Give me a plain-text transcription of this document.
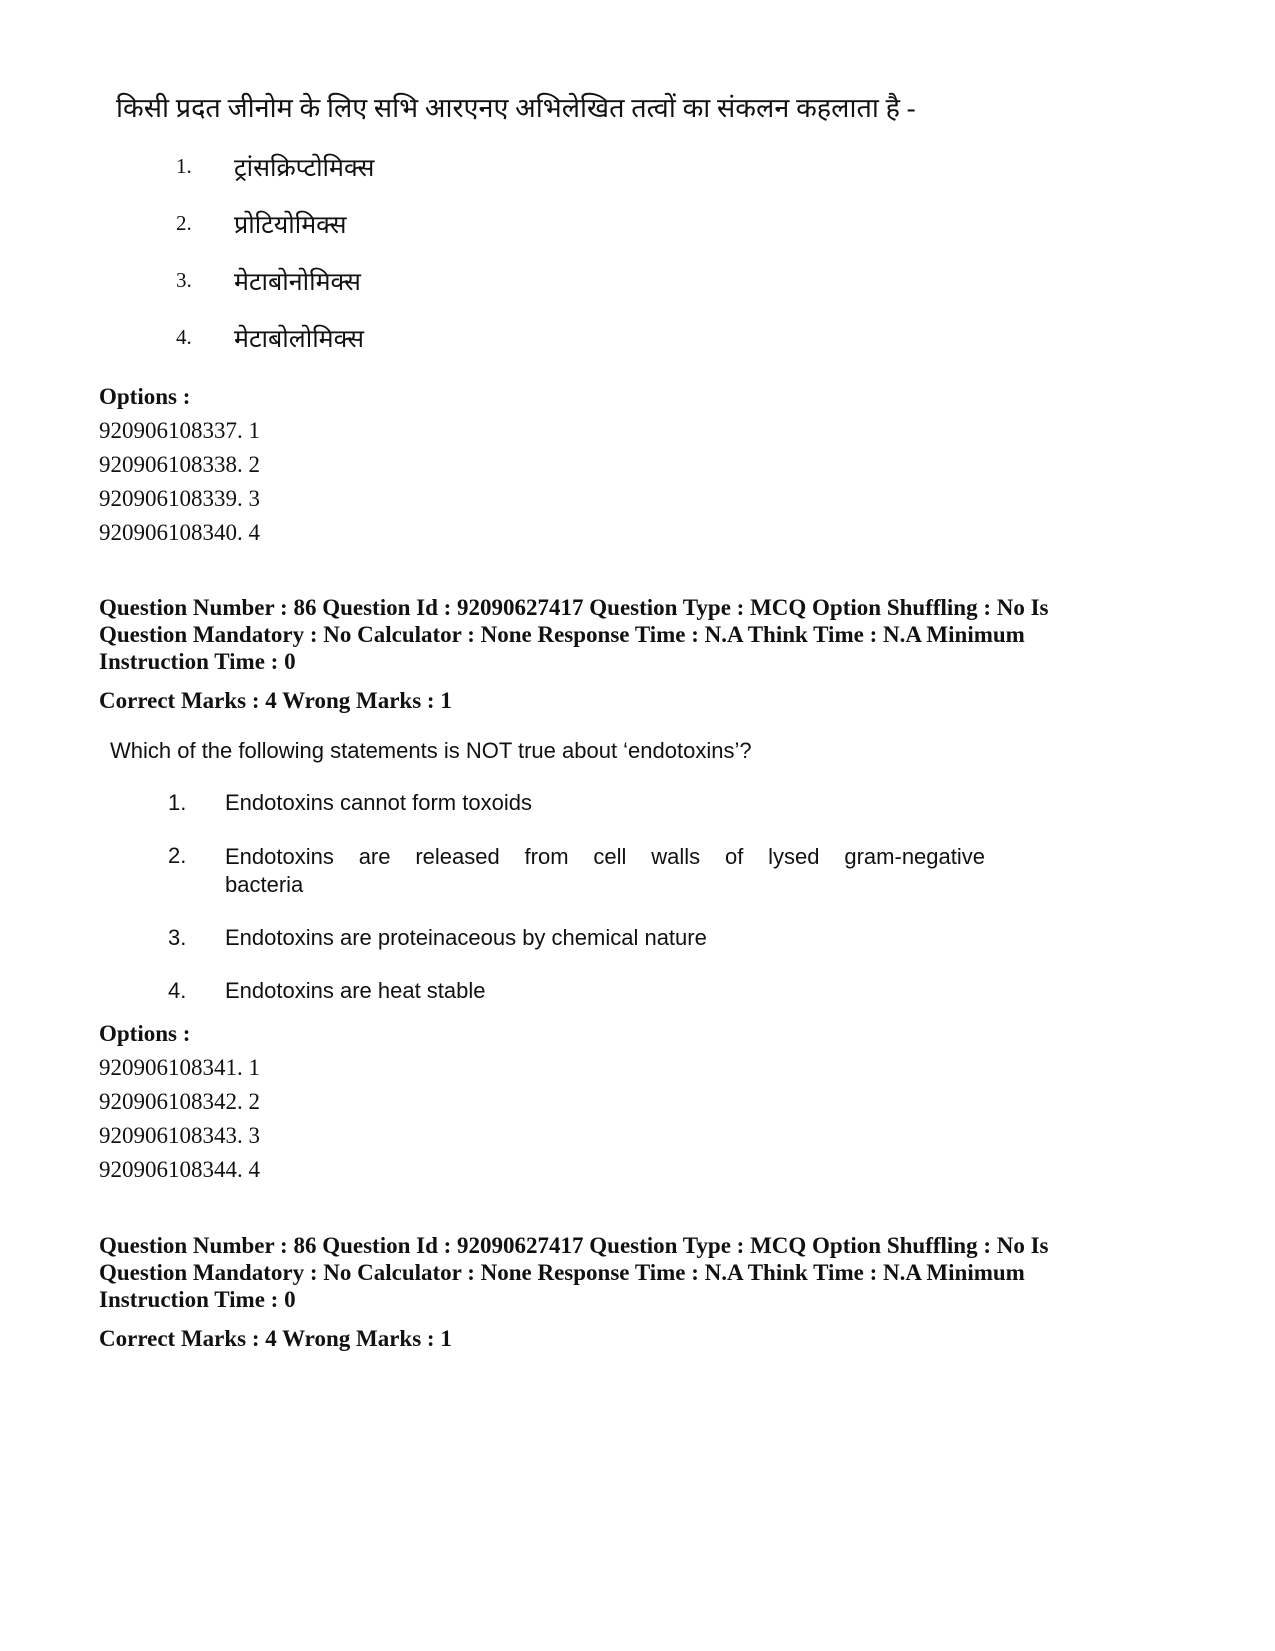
किसी प्रदत जीनोम के लिए सभि आरएनए अभिलेखित तत्वों का संकलन कहलाता है -
1. ट्रांसक्रिप्टोमिक्स
2. प्रोटियोमिक्स
3. मेटाबोनोमिक्स
4. मेटाबोलोमिक्स
Options :
920906108337. 1
920906108338. 2
920906108339. 3
920906108340. 4
Question Number : 86 Question Id : 92090627417 Question Type : MCQ Option Shuffling : No Is
Question Mandatory : No Calculator : None Response Time : N.A Think Time : N.A Minimum
Instruction Time : 0
Correct Marks : 4 Wrong Marks : 1
Which of the following statements is NOT true about ‘endotoxins’?
1. Endotoxins cannot form toxoids
2. Endotoxins are released from cell walls of lysed gram-negative
bacteria
3. Endotoxins are proteinaceous by chemical nature
4. Endotoxins are heat stable
Options :
920906108341. 1
920906108342. 2
920906108343. 3
920906108344. 4
Question Number : 86 Question Id : 92090627417 Question Type : MCQ Option Shuffling : No Is
Question Mandatory : No Calculator : None Response Time : N.A Think Time : N.A Minimum
Instruction Time : 0
Correct Marks : 4 Wrong Marks : 1
